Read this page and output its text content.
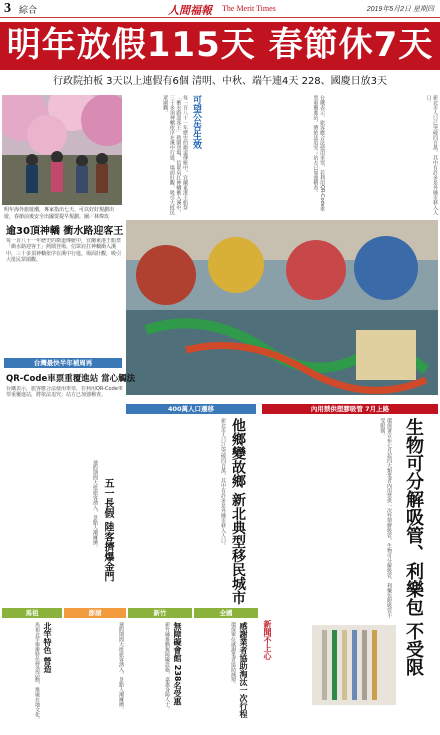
3 綜合	人間福報 The Merit Times	2019年5月2日 星期四
明年放假115天 春節休7天
行政院拍板 3天以上連假有6個 清明、中秋、端午連4天 228、國慶日放3天
明年海外旅遊潮，專家指出七天、可以好好規劃出遊，春節前後安全出國要提早規劃。圖／林煒玫
每一百八十一年歷史的衛道傳統中，宜蘭東港王船祭「衝水路迎客王」熱鬧登場，信眾肩扛神轎衝入溪中，三十多頂神轎依序在溪中行進，場面壯觀，吸引大批民眾圍觀。	可望公告生效	台鐵表示，旅客應合法使用車票，若利用QR-Code車票重覆進站，將依法追究；站方已加強稽查。	新北市人口已突破四百萬，其中有許多是外縣市移入人口。
逾30頂神轎 衝水路迎客王
每一百八十一年歷史的衛道傳統中，宜蘭東港王船祭「衝水路迎客王」熱鬧登場，信眾肩扛神轎衝入溪中，三十多頂神轎依序在溪中行進，場面壯觀，吸引大批民眾圍觀。
台灣最快半年補周再
QR-Code車票重覆進站 當心觸法
台鐵表示，旅客應合法使用車票，若利用QR-Code車票重覆進站，將依法追究；站方已加強稽查。
400萬人口遷移
他鄉變故鄉 新北典型移民城市
新北市人口已突破四百萬，其中有許多是外縣市移入人口。
內用禁供塑膠吸管 7月上路
生物可分解吸管、利樂包 不受限
環保署宣布七月起四大類業者內用禁供一次性塑膠吸管，生物可分解吸管、利樂包附吸管不受限制。
五一長假 陸客擠爆金門
連假期間大批旅客湧入，景點人潮擁擠。
新聞不上心
馬祖	澎湖	新竹	全國
北竿特色 營造
馬祖北竿舉辦特色營造活動，推廣在地文化。	連假期間大批旅客湧入，景點人潮擁擠。	無障礙會館 238名受惠
新竹縣推動無障礙設施，嘉惠身障人士。	感謝業者協助淘汰一次行程
環保單位感謝業者協助減塑。
